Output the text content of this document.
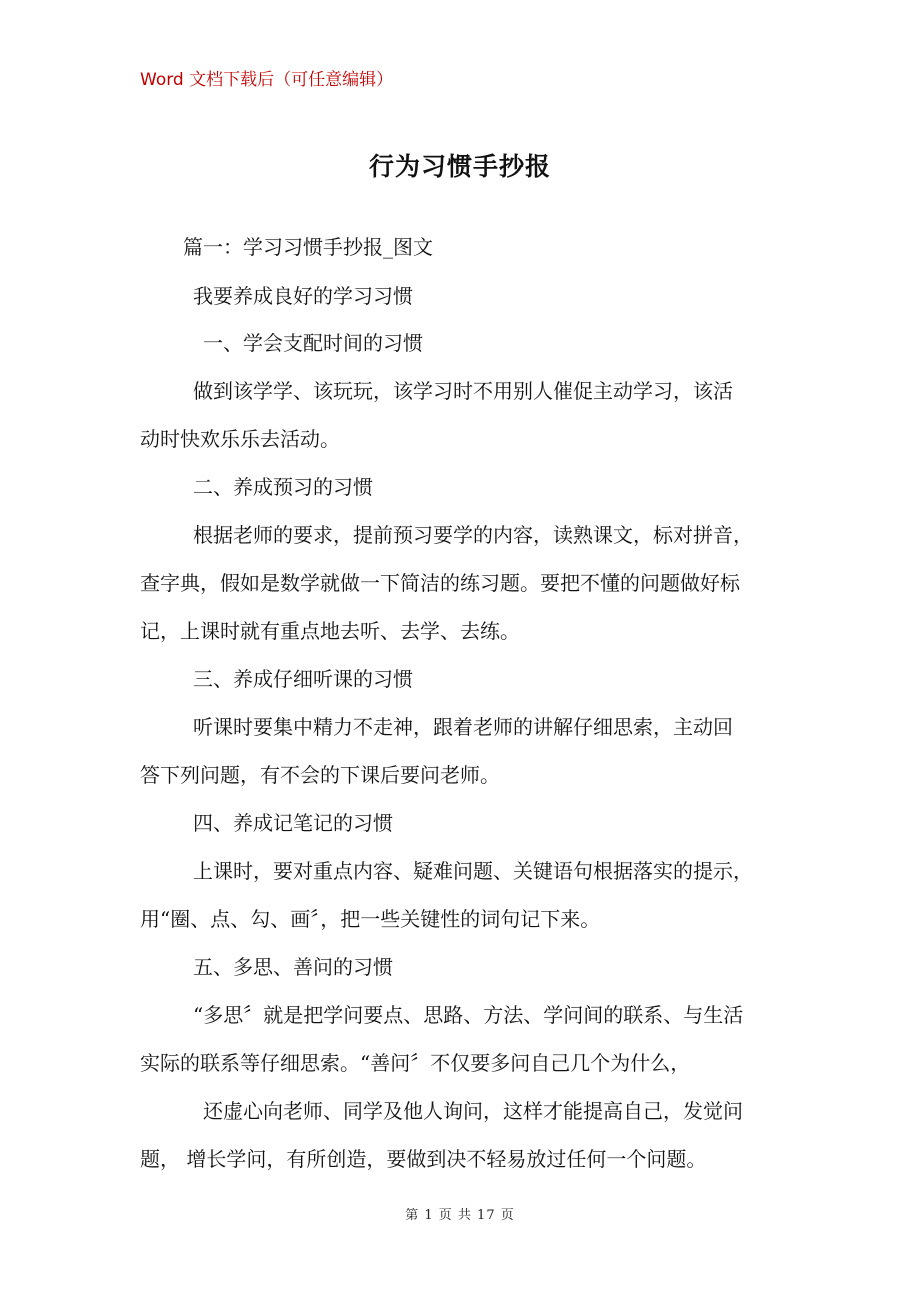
Word 文档下载后（可任意编辑）
行为习惯手抄报
篇一：学习习惯手抄报_图文
我要养成良好的学习习惯
一、学会支配时间的习惯
做到该学学、该玩玩，该学习时不用别人催促主动学习，该活
动时快欢乐乐去活动。
二、养成预习的习惯
根据老师的要求，提前预习要学的内容，读熟课文，标对拼音，
查字典，假如是数学就做一下简洁的练习题。要把不懂的问题做好标
记，上课时就有重点地去听、去学、去练。
三、养成仔细听课的习惯
听课时要集中精力不走神，跟着老师的讲解仔细思索，主动回
答下列问题，有不会的下课后要问老师。
四、养成记笔记的习惯
上课时，要对重点内容、疑难问题、关键语句根据落实的提示，
用“圈、点、勾、画〞，把一些关键性的词句记下来。
五、多思、善问的习惯
“多思〞就是把学问要点、思路、方法、学问间的联系、与生活
实际的联系等仔细思索。“善问〞不仅要多问自己几个为什么，
还虚心向老师、同学及他人询问，这样才能提高自己，发觉问
题， 增长学问，有所创造，要做到决不轻易放过任何一个问题。
第 1 页 共 17 页
